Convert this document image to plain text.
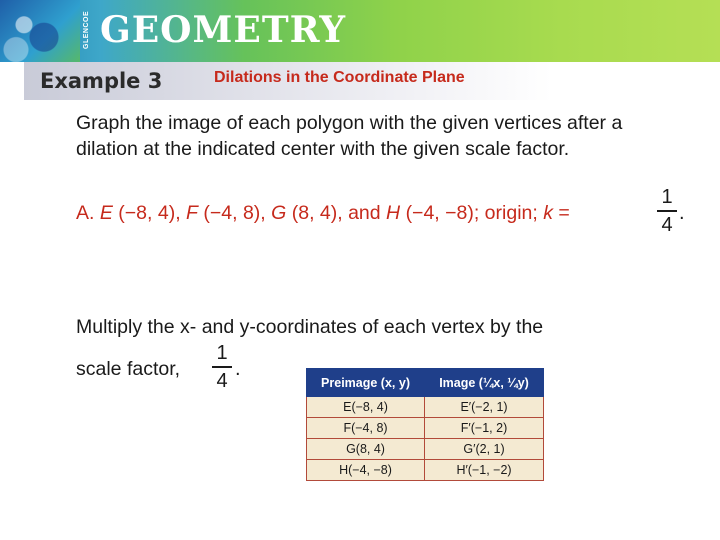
GLENCOE GEOMETRY
Example 3	Dilations in the Coordinate Plane
Graph the image of each polygon with the given vertices after a dilation at the indicated center with the given scale factor.
A. E (−8, 4), F (−4, 8), G (8, 4), and H (−4, −8); origin; k =
1
4
.
Multiply the x- and y-coordinates of each vertex by the
scale factor,
1
4
.
Preimage (x, y)	Image (¼x, ¼y)
E(−8, 4)	E′(−2, 1)
F(−4, 8)	F′(−1, 2)
G(8, 4)	G′(2, 1)
H(−4, −8)	H′(−1, −2)
